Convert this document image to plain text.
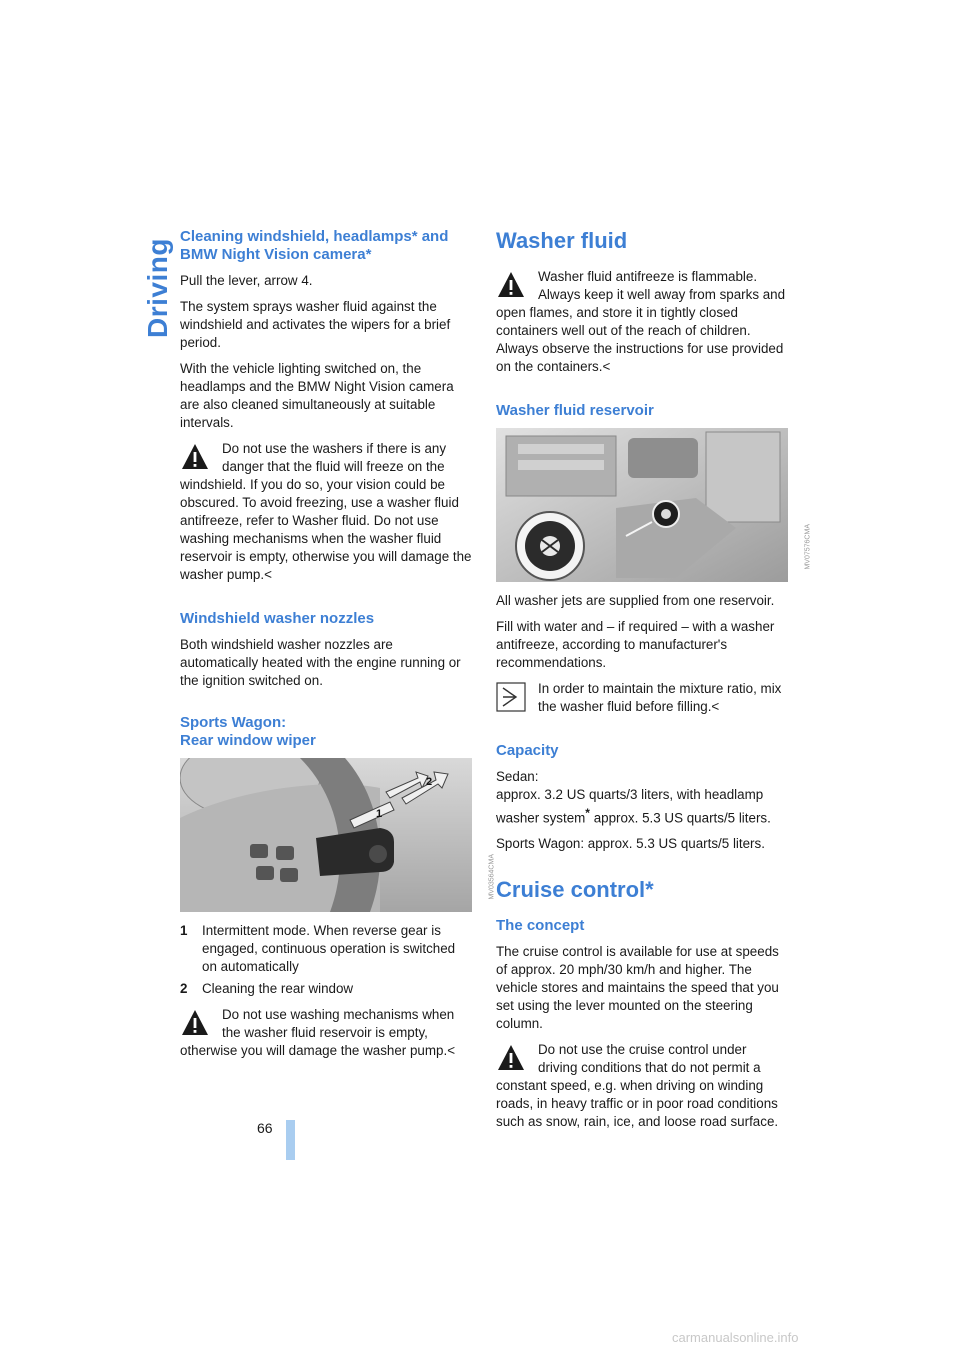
Driving
Cleaning windshield, headlamps* and BMW Night Vision camera*

Pull the lever, arrow 4.

The system sprays washer fluid against the windshield and activates the wipers for a brief period.

With the vehicle lighting switched on, the headlamps and the BMW Night Vision camera are also cleaned simultaneously at suitable intervals.

Do not use the washers if there is any danger that the fluid will freeze on the windshield. If you do so, your vision could be obscured. To avoid freezing, use a washer fluid antifreeze, refer to Washer fluid. Do not use washing mechanisms when the washer fluid reservoir is empty, otherwise you will damage the washer pump.<

Windshield washer nozzles

Both windshield washer nozzles are automatically heated with the engine running or the ignition switched on.

Sports Wagon:
Rear window wiper
1
2
MV03564CMA
1	Intermittent mode. When reverse gear is engaged, continuous operation is switched on automatically
2	Cleaning the rear window

Do not use washing mechanisms when the washer fluid reservoir is empty, otherwise you will damage the washer pump.<

Washer fluid

Washer fluid antifreeze is flammable. Always keep it well away from sparks and open flames, and store it in tightly closed containers well out of the reach of children. Always observe the instructions for use provided on the containers.<

Washer fluid reservoir
MV07576CMA

All washer jets are supplied from one reservoir.

Fill with water and – if required – with a washer antifreeze, according to manufacturer's recommendations.

In order to maintain the mixture ratio, mix the washer fluid before filling.<

Capacity

Sedan:
approx. 3.2 US quarts/3 liters, with headlamp
washer system* approx. 5.3 US quarts/5 liters.

Sports Wagon: approx. 5.3 US quarts/5 liters.

Cruise control*
The concept

The cruise control is available for use at speeds of approx. 20 mph/30 km/h and higher. The vehicle stores and maintains the speed that you set using the lever mounted on the steering column.

Do not use the cruise control under driving conditions that do not permit a constant speed, e.g. when driving on winding roads, in heavy traffic or in poor road conditions such as snow, rain, ice, and loose road surface.

66
carmanualsonline.info
